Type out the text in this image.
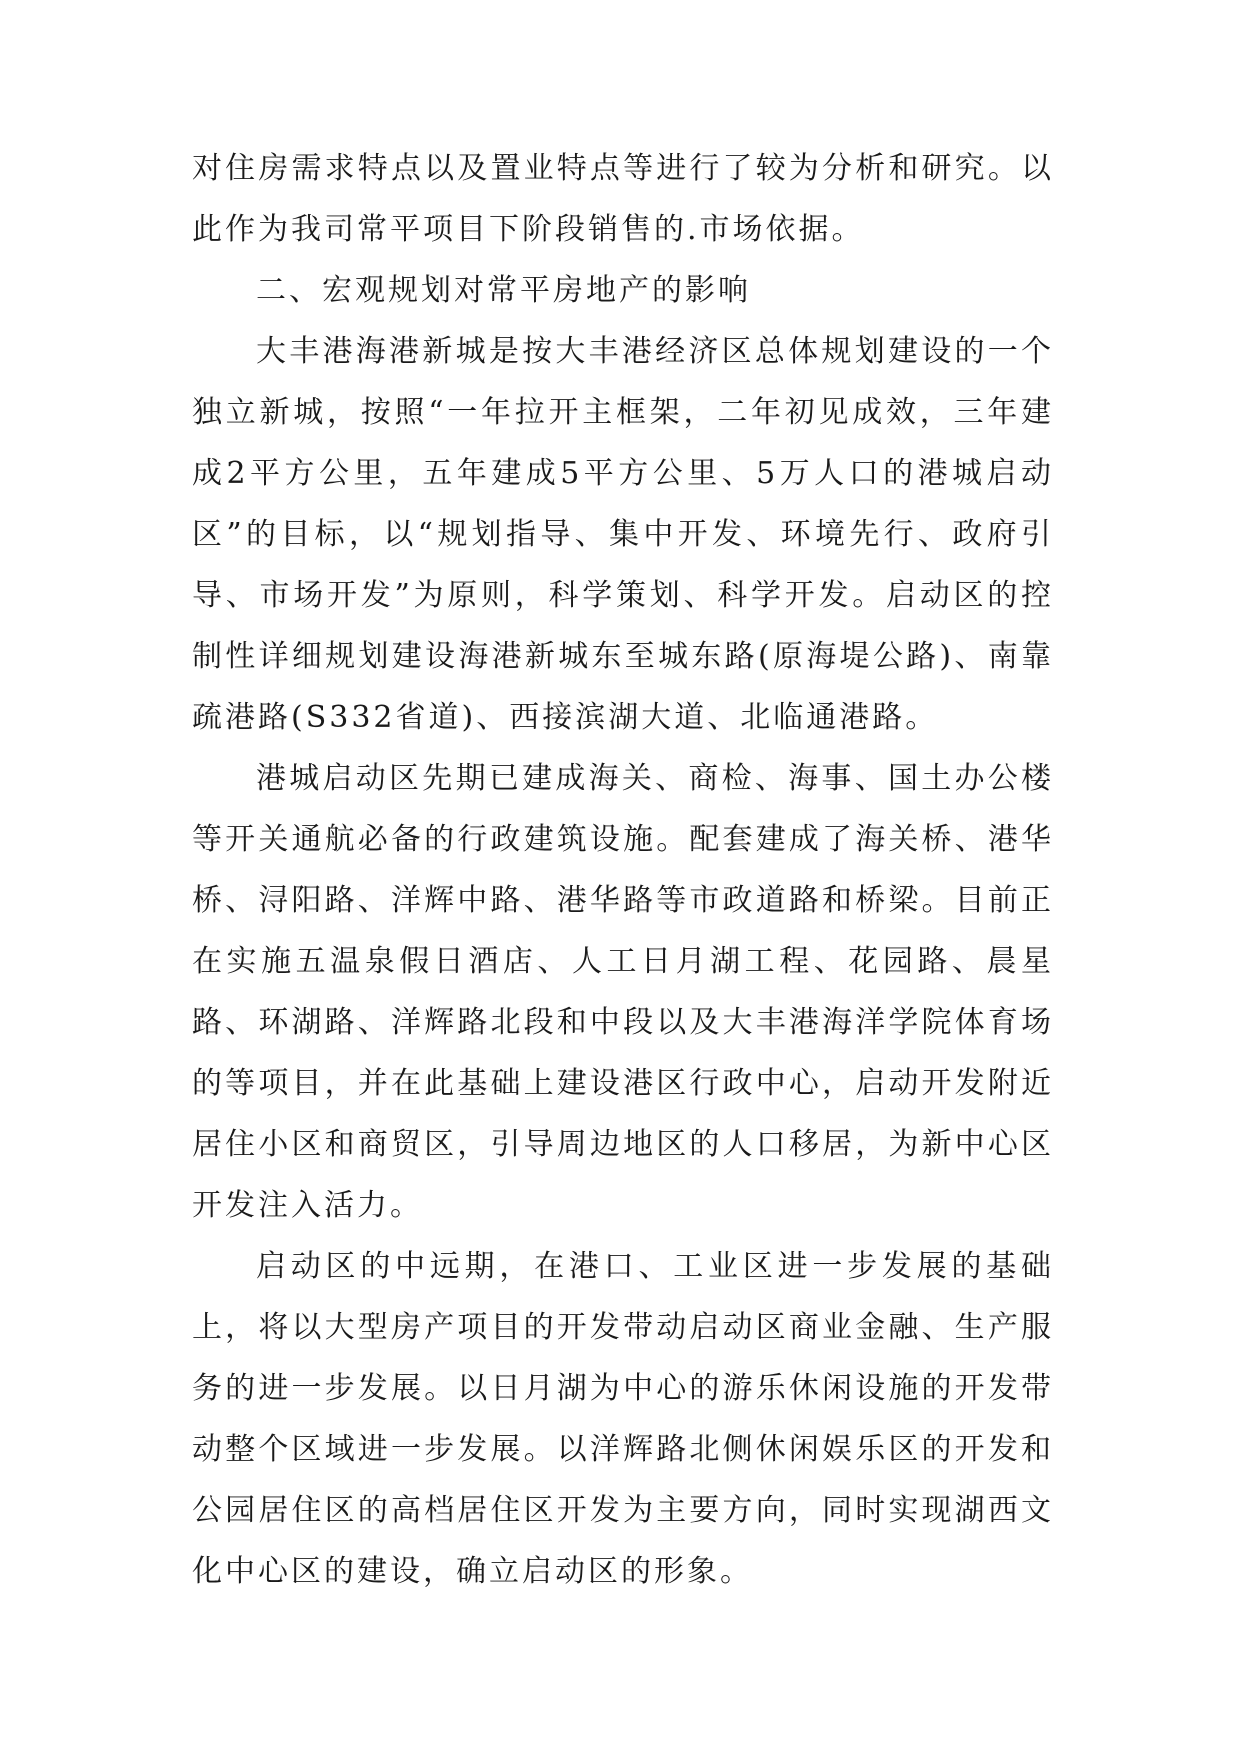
对住房需求特点以及置业特点等进行了较为分析和研究。以此作为我司常平项目下阶段销售的.市场依据。

二、宏观规划对常平房地产的影响

大丰港海港新城是按大丰港经济区总体规划建设的一个独立新城，按照“一年拉开主框架，二年初见成效，三年建成2平方公里，五年建成5平方公里、5万人口的港城启动区”的目标，以“规划指导、集中开发、环境先行、政府引导、市场开发”为原则，科学策划、科学开发。启动区的控制性详细规划建设海港新城东至城东路(原海堤公路)、南靠疏港路(S332省道)、西接滨湖大道、北临通港路。

港城启动区先期已建成海关、商检、海事、国土办公楼等开关通航必备的行政建筑设施。配套建成了海关桥、港华桥、浔阳路、洋辉中路、港华路等市政道路和桥梁。目前正在实施五温泉假日酒店、人工日月湖工程、花园路、晨星路、环湖路、洋辉路北段和中段以及大丰港海洋学院体育场的等项目，并在此基础上建设港区行政中心，启动开发附近居住小区和商贸区，引导周边地区的人口移居，为新中心区开发注入活力。

启动区的中远期，在港口、工业区进一步发展的基础上，将以大型房产项目的开发带动启动区商业金融、生产服务的进一步发展。以日月湖为中心的游乐休闲设施的开发带动整个区域进一步发展。以洋辉路北侧休闲娱乐区的开发和公园居住区的高档居住区开发为主要方向，同时实现湖西文化中心区的建设，确立启动区的形象。
